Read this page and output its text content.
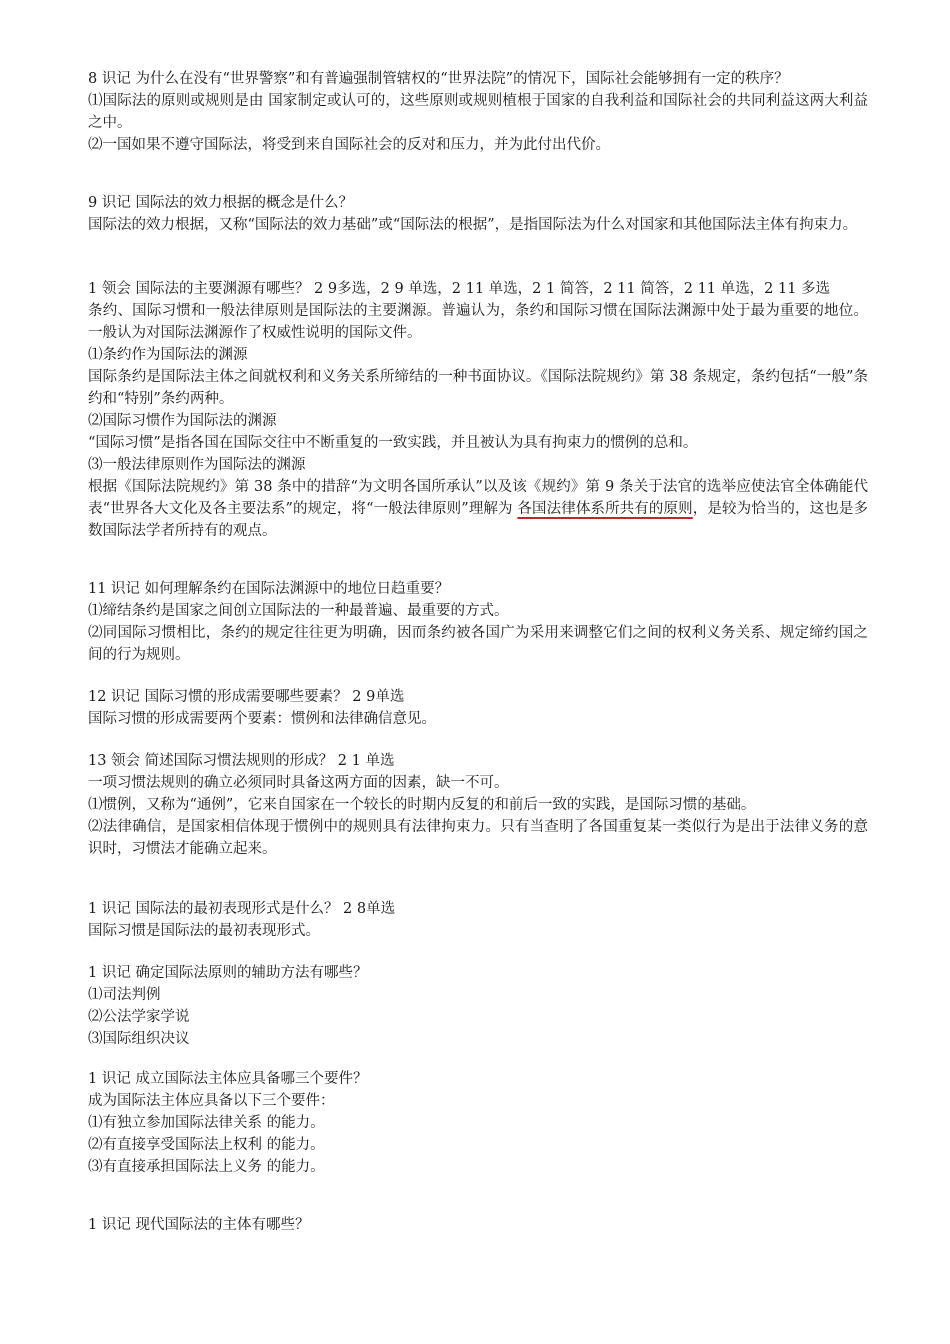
8 识记 为什么在没有“世界警察”和有普遍强制管辖权的“世界法院”的情况下，国际社会能够拥有一定的秩序？
⑴国际法的原则或规则是由 国家制定或认可的，这些原则或规则植根于国家的自我利益和国际社会的共同利益这两大利益之中。
⑵一国如果不遵守国际法，将受到来自国际社会的反对和压力，并为此付出代价。
9 识记 国际法的效力根据的概念是什么？
国际法的效力根据，又称“国际法的效力基础”或“国际法的根据”，是指国际法为什么对国家和其他国际法主体有拘束力。
1 领会 国际法的主要渊源有哪些？ 2 9多选，2 9 单选，2 11 单选，2 1 简答，2 11 简答，2 11 单选，2 11 多选
条约、国际习惯和一般法律原则是国际法的主要渊源。普遍认为，条约和国际习惯在国际法渊源中处于最为重要的地位。一般认为对国际法渊源作了权威性说明的国际文件。
⑴条约作为国际法的渊源
国际条约是国际法主体之间就权利和义务关系所缔结的一种书面协议。《国际法院规约》第 38 条规定，条约包括“一般”条约和“特别”条约两种。
⑵国际习惯作为国际法的渊源
“国际习惯”是指各国在国际交往中不断重复的一致实践，并且被认为具有拘束力的惯例的总和。
⑶一般法律原则作为国际法的渊源
根据《国际法院规约》第 38 条中的措辞“为文明各国所承认”以及该《规约》第 9 条关于法官的选举应使法官全体确能代表“世界各大文化及各主要法系”的规定，将“一般法律原则”理解为 各国法律体系所共有的原则，是较为恰当的，这也是多数国际法学者所持有的观点。
11 识记 如何理解条约在国际法渊源中的地位日趋重要？
⑴缔结条约是国家之间创立国际法的一种最普遍、最重要的方式。
⑵同国际习惯相比，条约的规定往往更为明确，因而条约被各国广为采用来调整它们之间的权利义务关系、规定缔约国之间的行为规则。
12 识记 国际习惯的形成需要哪些要素？ 2 9单选
国际习惯的形成需要两个要素：惯例和法律确信意见。
13 领会 简述国际习惯法规则的形成？ 2 1 单选
一项习惯法规则的确立必须同时具备这两方面的因素，缺一不可。
⑴惯例，又称为“通例”，它来自国家在一个较长的时期内反复的和前后一致的实践，是国际习惯的基础。
⑵法律确信，是国家相信体现于惯例中的规则具有法律拘束力。只有当查明了各国重复某一类似行为是出于法律义务的意识时，习惯法才能确立起来。
1 识记 国际法的最初表现形式是什么？ 2 8单选
国际习惯是国际法的最初表现形式。
1 识记 确定国际法原则的辅助方法有哪些？
⑴司法判例
⑵公法学家学说
⑶国际组织决议
1 识记 成立国际法主体应具备哪三个要件？
成为国际法主体应具备以下三个要件：
⑴有独立参加国际法律关系 的能力。
⑵有直接享受国际法上权利 的能力。
⑶有直接承担国际法上义务 的能力。
1 识记 现代国际法的主体有哪些？
